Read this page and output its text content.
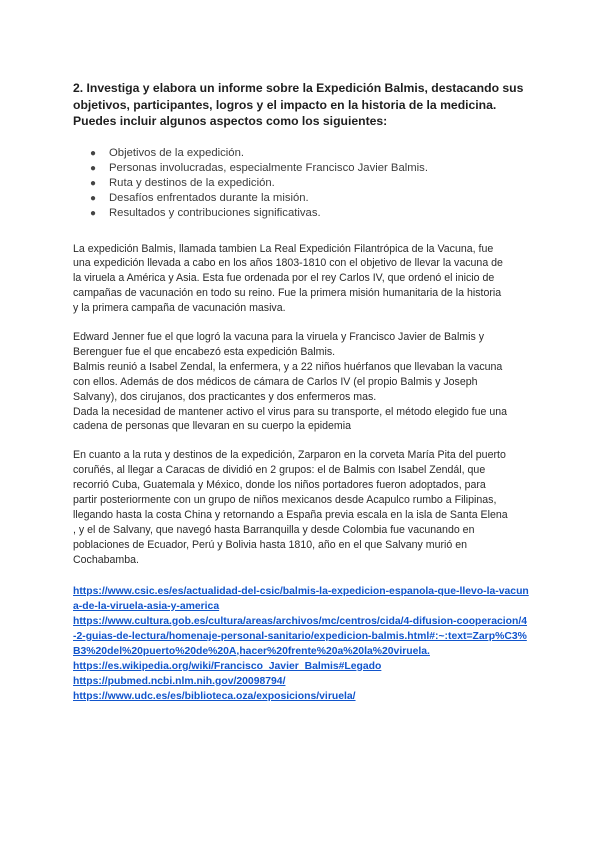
2. Investiga y elabora un informe sobre la Expedición Balmis, destacando sus
objetivos, participantes, logros y el impacto en la historia de la medicina.
Puedes incluir algunos aspectos como los siguientes:
● Objetivos de la expedición.
● Personas involucradas, especialmente Francisco Javier Balmis.
● Ruta y destinos de la expedición.
● Desafíos enfrentados durante la misión.
● Resultados y contribuciones significativas.
La expedición Balmis, llamada tambien La Real Expedición Filantrópica de la Vacuna, fue
una expedición llevada a cabo en los años 1803-1810 con el objetivo de llevar la vacuna de
la viruela a América y Asia. Esta fue ordenada por el rey Carlos IV, que ordenó el inicio de
campañas de vacunación en todo su reino. Fue la primera misión humanitaria de la historia
y la primera campaña de vacunación masiva.
Edward Jenner fue el que logró la vacuna para la viruela y Francisco Javier de Balmis y
Berenguer fue el que encabezó esta expedición Balmis.
Balmis reunió a Isabel Zendal, la enfermera, y a 22 niños huérfanos que llevaban la vacuna
con ellos. Además de dos médicos de cámara de Carlos IV (el propio Balmis y Joseph
Salvany), dos cirujanos, dos practicantes y dos enfermeros mas.
Dada la necesidad de mantener activo el virus para su transporte, el método elegido fue una
cadena de personas que llevaran en su cuerpo la epidemia
En cuanto a la ruta y destinos de la expedición, Zarparon en la corveta María Pita del puerto
coruñés, al llegar a Caracas de dividió en 2 grupos: el de Balmis con Isabel Zendál, que
recorrió Cuba, Guatemala y México, donde los niños portadores fueron adoptados, para
partir posteriormente con un grupo de niños mexicanos desde Acapulco rumbo a Filipinas,
llegando hasta la costa China y retornando a España previa escala en la isla de Santa Elena
, y el de Salvany, que navegó hasta Barranquilla y desde Colombia fue vacunando en
poblaciones de Ecuador, Perú y Bolivia hasta 1810, año en el que Salvany murió en
Cochabamba.
https://www.csic.es/es/actualidad-del-csic/balmis-la-expedicion-espanola-que-llevo-la-vacuna-de-la-viruela-asia-y-america
https://www.cultura.gob.es/cultura/areas/archivos/mc/centros/cida/4-difusion-cooperacion/4-2-guias-de-lectura/homenaje-personal-sanitario/expedicion-balmis.html#:~:text=Zarp%C3%B3%20del%20puerto%20de%20A,hacer%20frente%20a%20la%20viruela.
https://es.wikipedia.org/wiki/Francisco_Javier_Balmis#Legado
https://pubmed.ncbi.nlm.nih.gov/20098794/
https://www.udc.es/es/biblioteca.oza/exposicions/viruela/
